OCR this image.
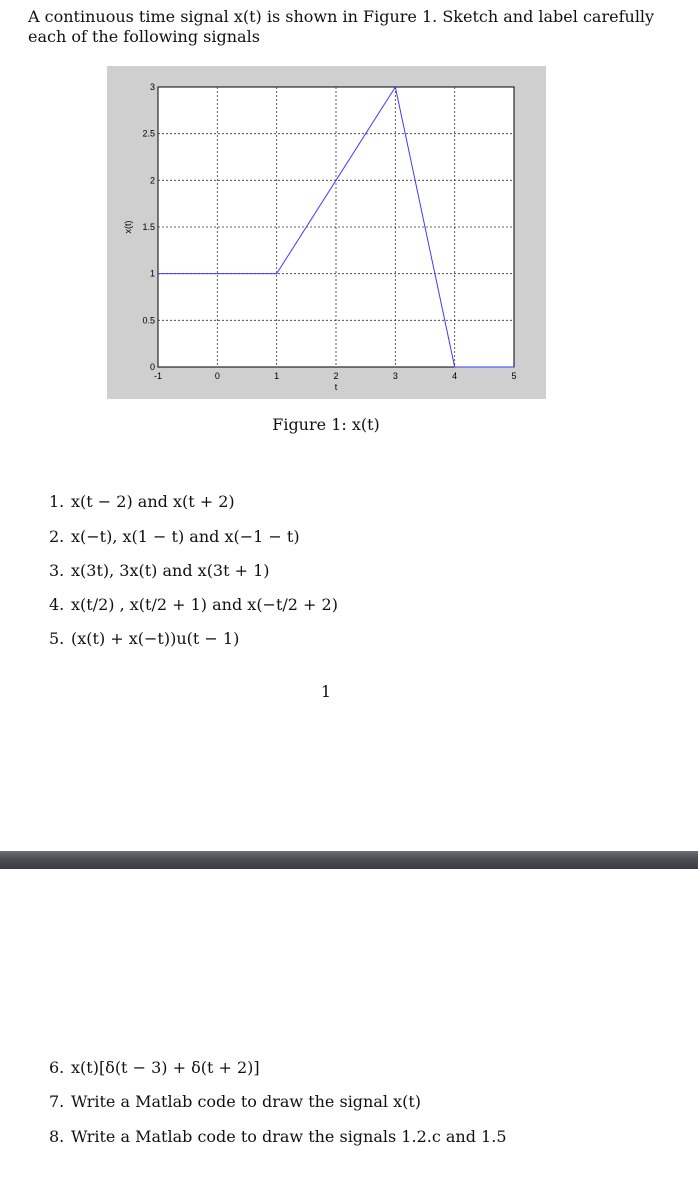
A continuous time signal x(t) is shown in Figure 1. Sketch and label carefully
each of the following signals

-1	0	1	2	3	4	5
0
0.5
1
1.5
2
2.5
3
t
x(t)
Figure 1: x(t)
1. x(t − 2) and x(t + 2)
2. x(−t), x(1 − t) and x(−1 − t)
3. x(3t), 3x(t) and x(3t + 1)
4. x(t/2) , x(t/2 + 1) and x(−t/2 + 2)
5. (x(t) + x(−t))u(t − 1)
1
6. x(t)[δ(t − 3) + δ(t + 2)]
7. Write a Matlab code to draw the signal x(t)
8. Write a Matlab code to draw the signals 1.2.c and 1.5
